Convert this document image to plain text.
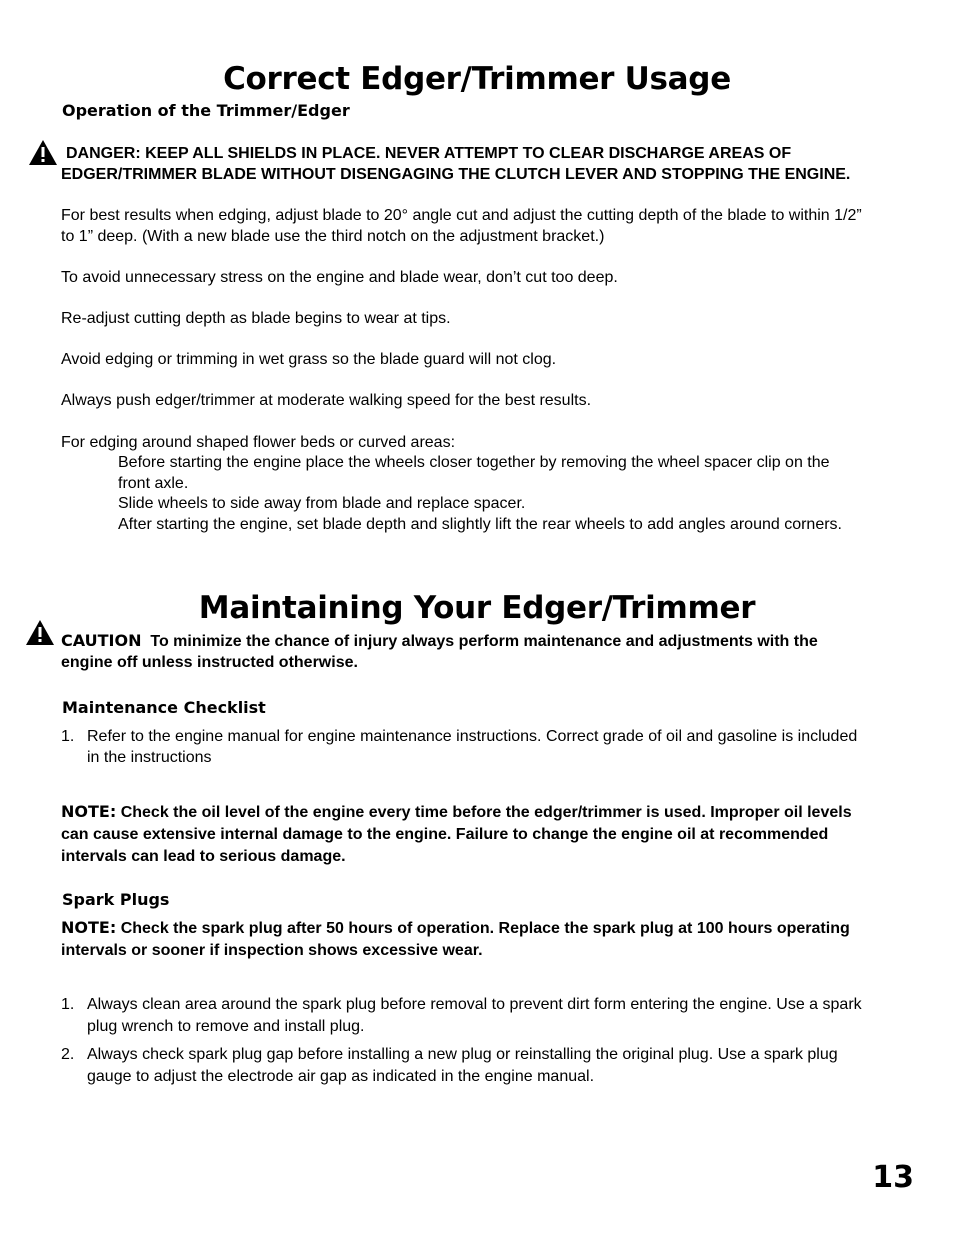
Correct Edger/Trimmer Usage
Operation of the Trimmer/Edger
DANGER: KEEP ALL SHIELDS IN PLACE. NEVER ATTEMPT TO CLEAR DISCHARGE AREAS OF
EDGER/TRIMMER BLADE WITHOUT DISENGAGING THE CLUTCH LEVER AND STOPPING THE ENGINE.
For best results when edging, adjust blade to 20° angle cut and adjust the cutting depth of the blade to within 1/2”
to 1” deep. (With a new blade use the third notch on the adjustment bracket.)
To avoid unnecessary stress on the engine and blade wear, don’t cut too deep.
Re-adjust cutting depth as blade begins to wear at tips.
Avoid edging or trimming in wet grass so the blade guard will not clog.
Always push edger/trimmer at moderate walking speed for the best results.
For edging around shaped flower beds or curved areas:
Before starting the engine place the wheels closer together by removing the wheel spacer clip on the
front axle.
Slide wheels to side away from blade and replace spacer.
After starting the engine, set blade depth and slightly lift the rear wheels to add angles around corners.
Maintaining Your Edger/Trimmer
CAUTION To minimize the chance of injury always perform maintenance and adjustments with the
engine off unless instructed otherwise.
Maintenance Checklist
1. Refer to the engine manual for engine maintenance instructions. Correct grade of oil and gasoline is included
in the instructions
NOTE: Check the oil level of the engine every time before the edger/trimmer is used. Improper oil levels
can cause extensive internal damage to the engine. Failure to change the engine oil at recommended
intervals can lead to serious damage.
Spark Plugs
NOTE: Check the spark plug after 50 hours of operation. Replace the spark plug at 100 hours operating
intervals or sooner if inspection shows excessive wear.
1. Always clean area around the spark plug before removal to prevent dirt form entering the engine. Use a spark
plug wrench to remove and install plug.
2. Always check spark plug gap before installing a new plug or reinstalling the original plug. Use a spark plug
gauge to adjust the electrode air gap as indicated in the engine manual.
13
